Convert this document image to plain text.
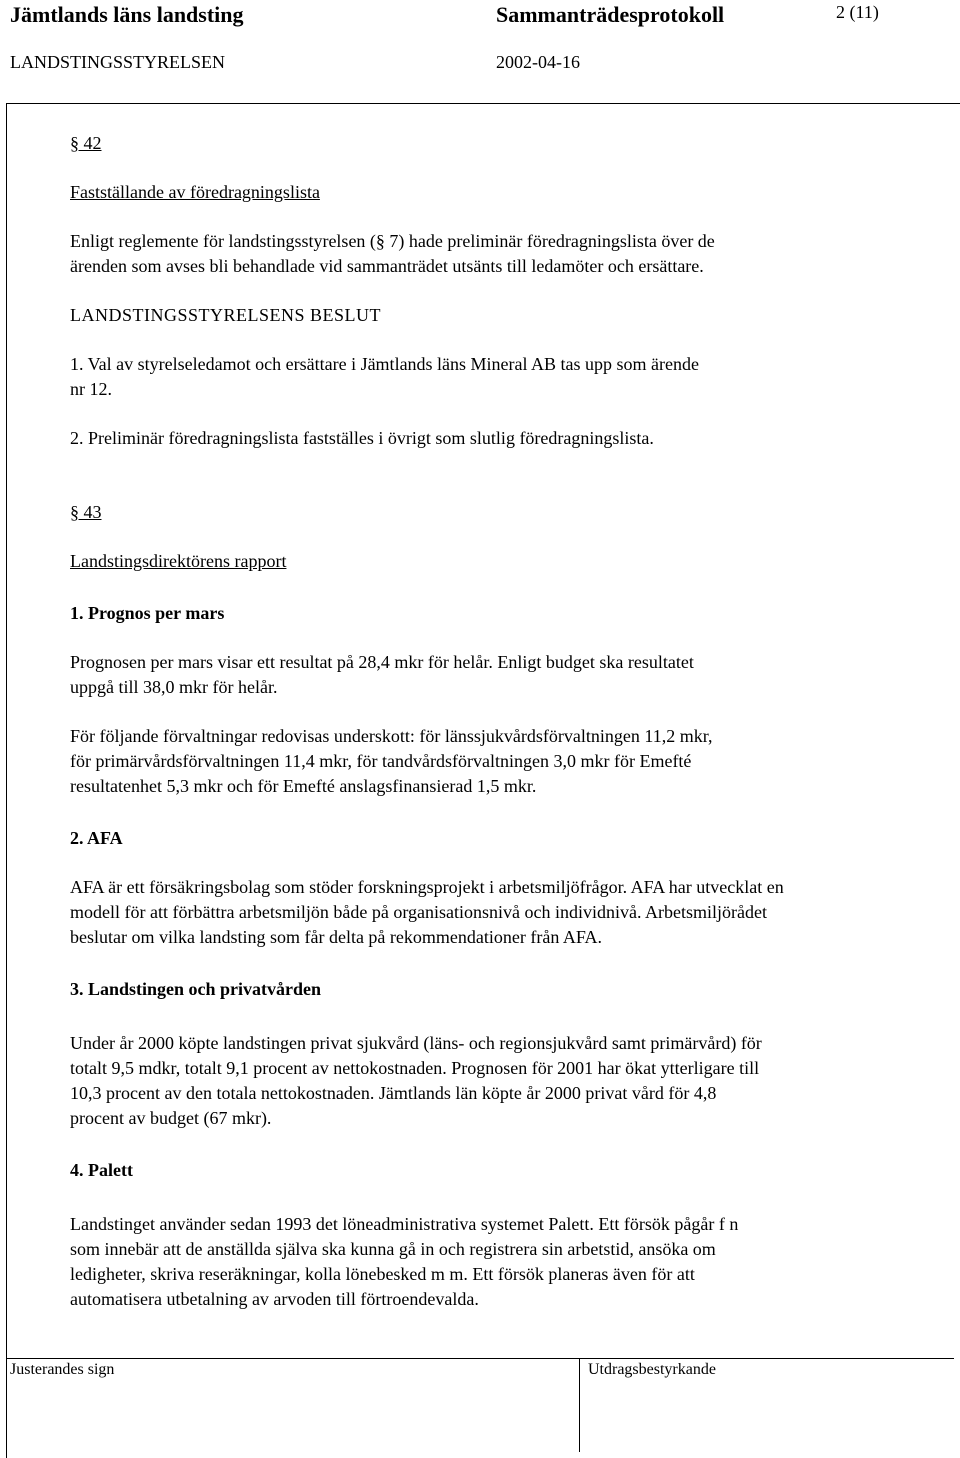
Jämtlands läns landsting	Sammanträdesprotokoll	2 (11)
LANDSTINGSSTYRELSEN	2002-04-16

§ 42

Fastställande av föredragningslista

Enligt reglemente för landstingsstyrelsen (§ 7) hade preliminär föredragningslista över de

ärenden som avses bli behandlade vid sammanträdet utsänts till ledamöter och ersättare.

LANDSTINGSSTYRELSENS BESLUT

1. Val av styrelseledamot och ersättare i Jämtlands läns Mineral AB tas upp som ärende

nr 12.

2. Preliminär föredragningslista fastställes i övrigt som slutlig föredragningslista.

§ 43

Landstingsdirektörens rapport

1. Prognos per mars

Prognosen per mars visar ett resultat på 28,4 mkr för helår. Enligt budget ska resultatet

uppgå till 38,0 mkr för helår.

För följande förvaltningar redovisas underskott: för länssjukvårdsförvaltningen 11,2 mkr,

för primärvårdsförvaltningen 11,4 mkr, för tandvårdsförvaltningen 3,0 mkr för Emefté

resultatenhet 5,3 mkr och för Emefté anslagsfinansierad 1,5 mkr.

2. AFA

AFA är ett försäkringsbolag som stöder forskningsprojekt i arbetsmiljöfrågor. AFA har utvecklat en

modell för att förbättra arbetsmiljön både på organisationsnivå och individnivå. Arbetsmiljörådet

beslutar om vilka landsting som får delta på rekommendationer från AFA.

3. Landstingen och privatvården

Under år 2000 köpte landstingen privat sjukvård (läns- och regionsjukvård samt primärvård) för

totalt 9,5 mdkr, totalt 9,1 procent av nettokostnaden. Prognosen för 2001 har ökat ytterligare till

10,3 procent av den totala nettokostnaden. Jämtlands län köpte år 2000 privat vård för 4,8

procent av budget (67 mkr).

4. Palett

Landstinget använder sedan 1993 det löneadministrativa systemet Palett. Ett försök pågår f n

som innebär att de anställda själva ska kunna gå in och registrera sin arbetstid, ansöka om

ledigheter, skriva reseräkningar, kolla lönebesked m m. Ett försök planeras även för att

automatisera utbetalning av arvoden till förtroendevalda.

Justerandes sign	Utdragsbestyrkande
